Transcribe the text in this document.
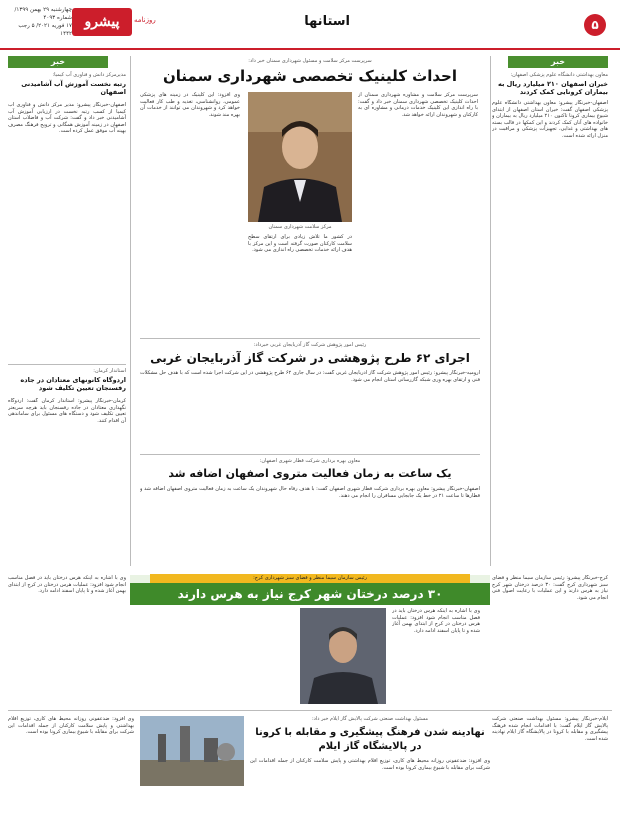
۵
استانها
پیشرو	روزنامه
چهارشنبه ۲۹ بهمن ۱۳۹۹/شماره ۴۰۹۳
۱۷ فوریه ۲۰۲۱/ ۵ رجب ۱۴۴۲
خبر
معاون بهداشتی دانشگاه علوم پزشکی اصفهان:
خبران اصفهان ۲۱۰ میلیارد ریال به بیماران کرونایی کمک کردند
اصفهان-خبرنگار پیشرو: معاون بهداشتی دانشگاه علوم پزشکی اصفهان گفت: خیران استان اصفهان از ابتدای شیوع بیماری کرونا تاکنون ۲۱۰ میلیارد ریال به بیماران و خانواده های آنان کمک کردند و این کمکها در قالب بسته های بهداشتی و غذایی، تجهیزات پزشکی و مراقبت در منزل ارائه شده است.
سرپرست مرکز سلامت و مسئول شهرداری سمنان خبر داد:
احداث کلینیک تخصصی شهرداری سمنان
سرپرست مرکز سلامت و مشاوره شهرداری سمنان از احداث کلینیک تخصصی شهرداری سمنان خبر داد و گفت: با راه اندازی این کلینیک خدمات درمانی و مشاوره ای به کارکنان و شهروندان ارائه خواهد شد.
مرکز سلامت شهرداری سمنان
در کشور ما تلاش زیادی برای ارتقای سطح سلامت کارکنان صورت گرفته است و این مرکز با هدف ارائه خدمات تخصصی راه اندازی می شود.
وی افزود: این کلینیک در زمینه های پزشکی عمومی، روانشناسی، تغذیه و طب کار فعالیت خواهد کرد و شهروندان می توانند از خدمات آن بهره مند شوند.
خبر
مدیرمرکز دانش و فناوری آب کیمیا:
رتبه نخست آموزش آب آشامیدنی اصفهان
اصفهان-خبرنگار پیشرو: مدیر مرکز دانش و فناوری آب کیمیا از کسب رتبه نخست در ارزیابی آموزش آب آشامیدنی خبر داد و گفت: شرکت آب و فاضلاب استان اصفهان در زمینه آموزش همگانی و ترویج فرهنگ مصرف بهینه آب موفق عمل کرده است.
استاندار کرمان:
اردوگاه کانونهای معتادان در جاده رفسنجان تعیین تکلیف شود
کرمان-خبرنگار پیشرو: استاندار کرمان گفت: اردوگاه نگهداری معتادان در جاده رفسنجان باید هرچه سریعتر تعیین تکلیف شود و دستگاه های مسئول برای ساماندهی آن اقدام کنند.
رئیس امور پژوهش شرکت گاز آذربایجان غربی خبرداد:
اجرای ۶۲ طرح پژوهشی در شرکت گاز آذربایجان غربی
ارومیه-خبرنگار پیشرو: رئیس امور پژوهش شرکت گاز آذربایجان غربی گفت: در سال جاری ۶۲ طرح پژوهشی در این شرکت اجرا شده است که با هدف حل مشکلات فنی و ارتقای بهره وری شبکه گازرسانی استان انجام می شود.
معاون بهره برداری شرکت قطار شهری اصفهان:
یک ساعت به زمان فعالیت متروی اصفهان اضافه شد
اصفهان-خبرنگار پیشرو: معاون بهره برداری شرکت قطار شهری اصفهان گفت: با هدف رفاه حال شهروندان یک ساعت به زمان فعالیت متروی اصفهان اضافه شد و قطارها تا ساعت ۲۱ در خط یک جابجایی مسافران را انجام می دهند.
۳۰ درصد درختان شهر کرج نیاز به هرس دارند
رئیس سازمان سیما منظر و فضای سبز شهرداری کرج:	کرج-خبرنگار پیشرو: رئیس سازمان سیما منظر و فضای سبز شهرداری کرج گفت: ۳۰ درصد درختان شهر کرج نیاز به هرس دارند و این عملیات با رعایت اصول فنی انجام می شود.
وی با اشاره به اینکه هرس درختان باید در فصل مناسب انجام شود افزود: عملیات هرس درختان در کرج از ابتدای بهمن آغاز شده و تا پایان اسفند ادامه دارد.
وی با اشاره به اینکه هرس درختان باید در فصل مناسب انجام شود افزود: عملیات هرس درختان در کرج از ابتدای بهمن آغاز شده و تا پایان اسفند ادامه دارد.
مسئول بهداشت صنعتی شرکت پالایش گاز ایلام خبر داد:
نهادینه شدن فرهنگ پیشگیری و مقابله با کرونا در پالایشگاه گاز ایلام
ایلام-خبرنگار پیشرو: مسئول بهداشت صنعتی شرکت پالایش گاز ایلام گفت: با اقدامات انجام شده فرهنگ پیشگیری و مقابله با کرونا در پالایشگاه گاز ایلام نهادینه شده است.
وی افزود: ضدعفونی روزانه محیط های کاری، توزیع اقلام بهداشتی و پایش سلامت کارکنان از جمله اقدامات این شرکت برای مقابله با شیوع بیماری کرونا بوده است.
وی افزود: ضدعفونی روزانه محیط های کاری، توزیع اقلام بهداشتی و پایش سلامت کارکنان از جمله اقدامات این شرکت برای مقابله با شیوع بیماری کرونا بوده است.
